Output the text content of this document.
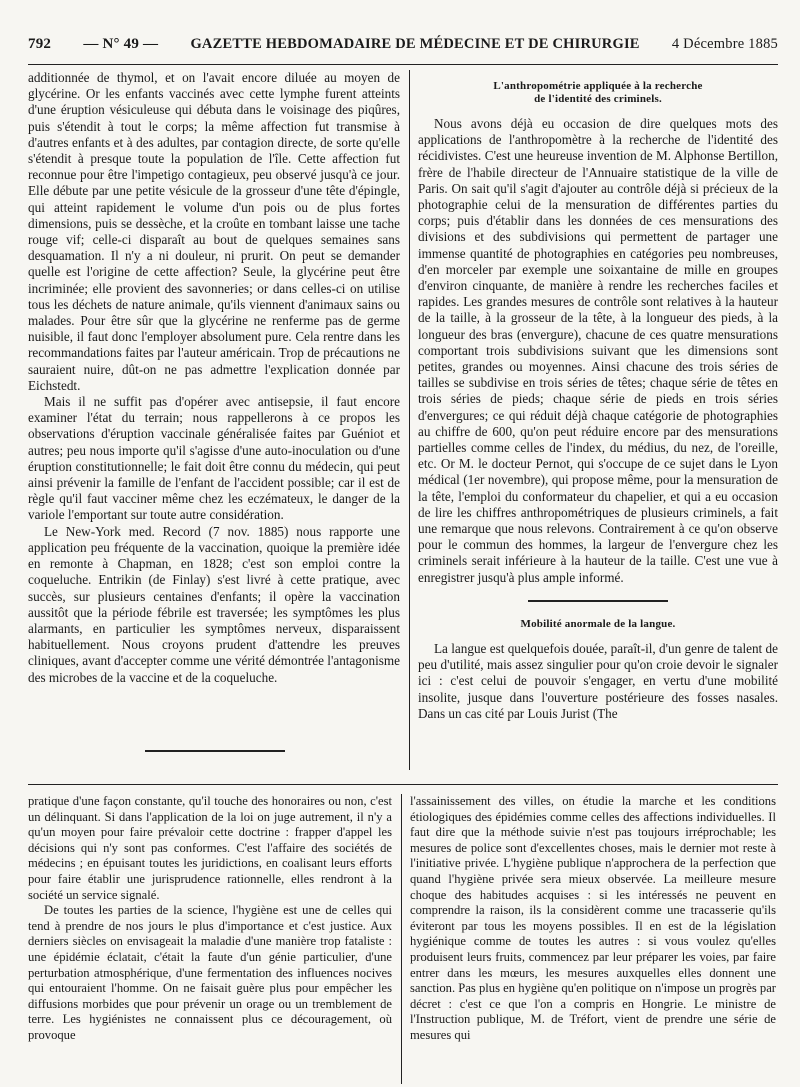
792 — N° 49 — GAZETTE HEBDOMADAIRE DE MÉDECINE ET DE CHIRURGIE 4 Décembre 1885

additionnée de thymol, et on l'avait encore diluée au moyen de glycérine. Or les enfants vaccinés avec cette lymphe furent atteints d'une éruption vésiculeuse qui débuta dans le voisinage des piqûres, puis s'étendit à tout le corps; la même affection fut transmise à d'autres enfants et à des adultes, par contagion directe, de sorte qu'elle s'étendit à presque toute la population de l'île. Cette affection fut reconnue pour être l'impetigo contagieux, peu observé jusqu'à ce jour. Elle débute par une petite vésicule de la grosseur d'une tête d'épingle, qui atteint rapidement le volume d'un pois ou de plus fortes dimensions, puis se dessèche, et la croûte en tombant laisse une tache rouge vif; celle-ci disparaît au bout de quelques semaines sans desquamation. Il n'y a ni douleur, ni prurit. On peut se demander quelle est l'origine de cette affection? Seule, la glycérine peut être incriminée; elle provient des savonneries; or dans celles-ci on utilise tous les déchets de nature animale, qu'ils viennent d'animaux sains ou malades. Pour être sûr que la glycérine ne renferme pas de germe nuisible, il faut donc l'employer absolument pure. Cela rentre dans les recommandations faites par l'auteur américain. Trop de précautions ne sauraient nuire, dût-on ne pas admettre l'explication donnée par Eichstedt.

Mais il ne suffit pas d'opérer avec antisepsie, il faut encore examiner l'état du terrain; nous rappellerons à ce propos les observations d'éruption vaccinale généralisée faites par Guéniot et autres; peu nous importe qu'il s'agisse d'une auto-inoculation ou d'une éruption constitutionnelle; le fait doit être connu du médecin, qui peut ainsi prévenir la famille de l'enfant de l'accident possible; car il est de règle qu'il faut vacciner même chez les eczémateux, le danger de la variole l'emportant sur toute autre considération.

Le New-York med. Record (7 nov. 1885) nous rapporte une application peu fréquente de la vaccination, quoique la première idée en remonte à Chapman, en 1828; c'est son emploi contre la coqueluche. Entrikin (de Finlay) s'est livré à cette pratique, avec succès, sur plusieurs centaines d'enfants; il opère la vaccination aussitôt que la période fébrile est traversée; les symptômes les plus alarmants, en particulier les symptômes nerveux, disparaissent habituellement. Nous croyons prudent d'attendre les preuves cliniques, avant d'accepter comme une vérité démontrée l'antagonisme des microbes de la vaccine et de la coqueluche.

L'anthropométrie appliquée à la recherche
de l'identité des criminels.

Nous avons déjà eu occasion de dire quelques mots des applications de l'anthropomètre à la recherche de l'identité des récidivistes. C'est une heureuse invention de M. Alphonse Bertillon, frère de l'habile directeur de l'Annuaire statistique de la ville de Paris. On sait qu'il s'agit d'ajouter au contrôle déjà si précieux de la photographie celui de la mensuration de différentes parties du corps; puis d'établir dans les données de ces mensurations des divisions et des subdivisions qui permettent de partager une immense quantité de photographies en catégories peu nombreuses, d'en morceler par exemple une soixantaine de mille en groupes d'environ cinquante, de manière à rendre les recherches faciles et rapides. Les grandes mesures de contrôle sont relatives à la hauteur de la taille, à la grosseur de la tête, à la longueur des pieds, à la longueur des bras (envergure), chacune de ces quatre mensurations comportant trois subdivisions suivant que les dimensions sont petites, grandes ou moyennes. Ainsi chacune des trois séries de tailles se subdivise en trois séries de têtes; chaque série de têtes en trois séries de pieds; chaque série de pieds en trois séries d'envergures; ce qui réduit déjà chaque catégorie de photographies au chiffre de 600, qu'on peut réduire encore par des mensurations partielles comme celles de l'index, du médius, du nez, de l'oreille, etc. Or M. le docteur Pernot, qui s'occupe de ce sujet dans le Lyon médical (1er novembre), qui propose même, pour la mensuration de la tête, l'emploi du conformateur du chapelier, et qui a eu occasion de lire les chiffres anthropométriques de plusieurs criminels, a fait une remarque que nous relevons. Contrairement à ce qu'on observe pour le commun des hommes, la largeur de l'envergure chez les criminels serait inférieure à la hauteur de la taille. C'est une vue à enregistrer jusqu'à plus ample informé.

Mobilité anormale de la langue.

La langue est quelquefois douée, paraît-il, d'un genre de talent de peu d'utilité, mais assez singulier pour qu'on croie devoir le signaler ici : c'est celui de pouvoir s'engager, en vertu d'une mobilité insolite, jusque dans l'ouverture postérieure des fosses nasales. Dans un cas cité par Louis Jurist (The

pratique d'une façon constante, qu'il touche des honoraires ou non, c'est un délinquant. Si dans l'application de la loi on juge autrement, il n'y a qu'un moyen pour faire prévaloir cette doctrine : frapper d'appel les décisions qui n'y sont pas conformes. C'est l'affaire des sociétés de médecins ; en épuisant toutes les juridictions, en coalisant leurs efforts pour faire établir une jurisprudence rationnelle, elles rendront à la société un service signalé.

De toutes les parties de la science, l'hygiène est une de celles qui tend à prendre de nos jours le plus d'importance et c'est justice. Aux derniers siècles on envisageait la maladie d'une manière trop fataliste : une épidémie éclatait, c'était la faute d'un génie particulier, d'une perturbation atmosphérique, d'une fermentation des influences nocives qui entouraient l'homme. On ne faisait guère plus pour empêcher les diffusions morbides que pour prévenir un orage ou un tremblement de terre. Les hygiénistes ne connaissent plus ce découragement, où provoque

l'assainissement des villes, on étudie la marche et les conditions étiologiques des épidémies comme celles des affections individuelles. Il faut dire que la méthode suivie n'est pas toujours irréprochable; les mesures de police sont d'excellentes choses, mais le dernier mot reste à l'initiative privée. L'hygiène publique n'approchera de la perfection que quand l'hygiène privée sera mieux observée. La meilleure mesure choque des habitudes acquises : si les intéressés ne peuvent en comprendre la raison, ils la considèrent comme une tracasserie qu'ils éviteront par tous les moyens possibles. Il en est de la législation hygiénique comme de toutes les autres : si vous voulez qu'elles produisent leurs fruits, commencez par leur préparer les voies, par faire entrer dans les mœurs, les mesures auxquelles elles donnent une sanction. Pas plus en hygiène qu'en politique on n'impose un progrès par décret : c'est ce que l'on a compris en Hongrie. Le ministre de l'Instruction publique, M. de Tréfort, vient de prendre une série de mesures qui
